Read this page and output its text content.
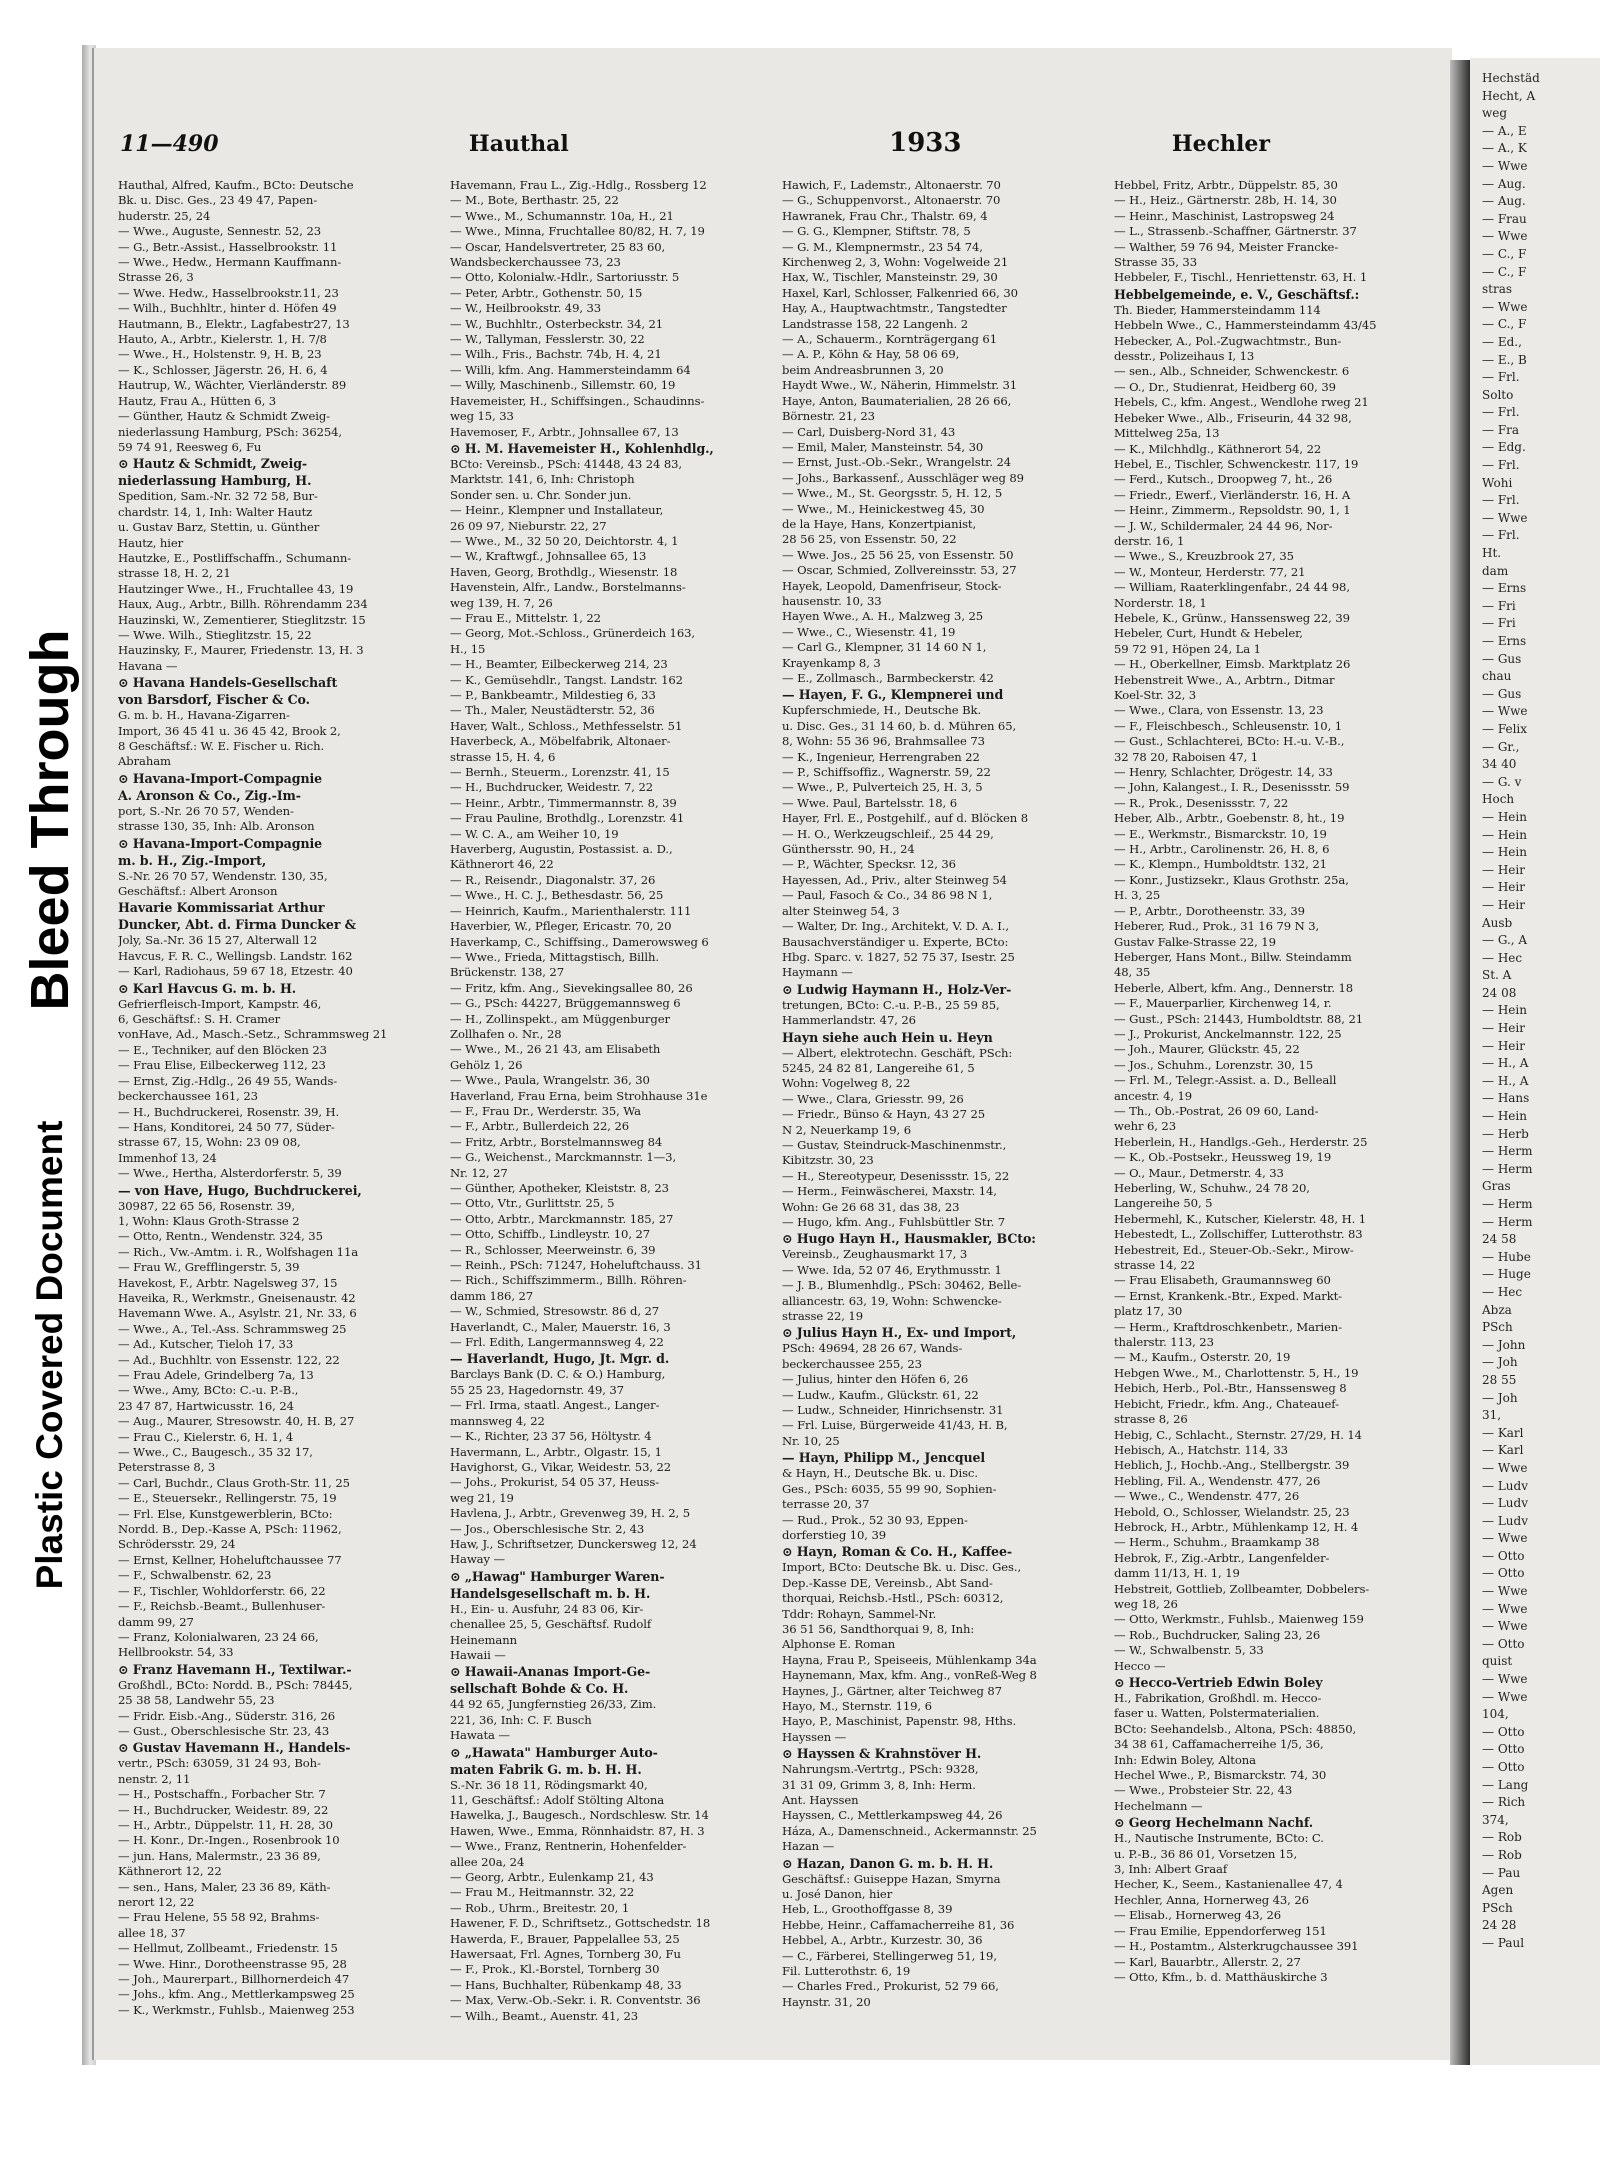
Bleed Through
Plastic Covered Document
11—490	Hauthal	1933	Hechler
Hauthal, Alfred, Kaufm., BCto: Deutsche
Bk. u. Disc. Ges., 23 49 47, Papen-
huderstr. 25, 24
— Wwe., Auguste, Sennestr. 52, 23
— G., Betr.-Assist., Hasselbrookstr. 11
— Wwe., Hedw., Hermann Kauffmann-
Strasse 26, 3
— Wwe. Hedw., Hasselbrookstr.11, 23
— Wilh., Buchhltr., hinter d. Höfen 49
Hautmann, B., Elektr., Lagfabestr27, 13
Hauto, A., Arbtr., Kielerstr. 1, H. 7/8
— Wwe., H., Holstenstr. 9, H. B, 23
— K., Schlosser, Jägerstr. 26, H. 6, 4
Hautrup, W., Wächter, Vierländerstr. 89
Hautz, Frau A., Hütten 6, 3
— Günther, Hautz & Schmidt Zweig-
niederlassung Hamburg, PSch: 36254,
59 74 91, Reesweg 6, Fu
⊙ Hautz & Schmidt, Zweig-
niederlassung Hamburg, H.
Spedition, Sam.-Nr. 32 72 58, Bur-
chardstr. 14, 1, Inh: Walter Hautz
u. Gustav Barz, Stettin, u. Günther
Hautz, hier
Hautzke, E., Postliffschaffn., Schumann-
strasse 18, H. 2, 21
Hautzinger Wwe., H., Fruchtallee 43, 19
Haux, Aug., Arbtr., Billh. Röhrendamm 234
Hauzinski, W., Zementierer, Stieglitzstr. 15
— Wwe. Wilh., Stieglitzstr. 15, 22
Hauzinsky, F., Maurer, Friedenstr. 13, H. 3
Havana —
⊙ Havana Handels-Gesellschaft
von Barsdorf, Fischer & Co.
G. m. b. H., Havana-Zigarren-
Import, 36 45 41 u. 36 45 42, Brook 2,
8 Geschäftsf.: W. E. Fischer u. Rich.
Abraham
⊙ Havana-Import-Compagnie
A. Aronson & Co., Zig.-Im-
port, S.-Nr. 26 70 57, Wenden-
strasse 130, 35, Inh: Alb. Aronson
⊙ Havana-Import-Compagnie
m. b. H., Zig.-Import,
S.-Nr. 26 70 57, Wendenstr. 130, 35,
Geschäftsf.: Albert Aronson
Havarie Kommissariat Arthur
Duncker, Abt. d. Firma Duncker &
Joly, Sa.-Nr. 36 15 27, Alterwall 12
Havcus, F. R. C., Wellingsb. Landstr. 162
— Karl, Radiohaus, 59 67 18, Etzestr. 40
⊙ Karl Havcus G. m. b. H.
Gefrierfleisch-Import, Kampstr. 46,
6, Geschäftsf.: S. H. Cramer
vonHave, Ad., Masch.-Setz., Schrammsweg 21
— E., Techniker, auf den Blöcken 23
— Frau Elise, Eilbeckerweg 112, 23
— Ernst, Zig.-Hdlg., 26 49 55, Wands-
beckerchaussee 161, 23
— H., Buchdruckerei, Rosenstr. 39, H.
— Hans, Konditorei, 24 50 77, Süder-
strasse 67, 15, Wohn: 23 09 08,
Immenhof 13, 24
— Wwe., Hertha, Alsterdorferstr. 5, 39
— von Have, Hugo, Buchdruckerei,
30987, 22 65 56, Rosenstr. 39,
1, Wohn: Klaus Groth-Strasse 2
— Otto, Rentn., Wendenstr. 324, 35
— Rich., Vw.-Amtm. i. R., Wolfshagen 11a
— Frau W., Grefflingerstr. 5, 39
Havekost, F., Arbtr. Nagelsweg 37, 15
Haveika, R., Werkmstr., Gneisenaustr. 42
Havemann Wwe. A., Asylstr. 21, Nr. 33, 6
— Wwe., A., Tel.-Ass. Schrammsweg 25
— Ad., Kutscher, Tieloh 17, 33
— Ad., Buchhltr. von Essenstr. 122, 22
— Frau Adele, Grindelberg 7a, 13
— Wwe., Amy, BCto: C.-u. P.-B.,
23 47 87, Hartwicusstr. 16, 24
— Aug., Maurer, Stresowstr. 40, H. B, 27
— Frau C., Kielerstr. 6, H. 1, 4
— Wwe., C., Baugesch., 35 32 17,
Peterstrasse 8, 3
— Carl, Buchdr., Claus Groth-Str. 11, 25
— E., Steuersekr., Rellingerstr. 75, 19
— Frl. Else, Kunstgewerblerin, BCto:
Nordd. B., Dep.-Kasse A, PSch: 11962,
Schrödersstr. 29, 24
— Ernst, Kellner, Hoheluftchaussee 77
— F., Schwalbenstr. 62, 23
— F., Tischler, Wohldorferstr. 66, 22
— F., Reichsb.-Beamt., Bullenhuser-
damm 99, 27
— Franz, Kolonialwaren, 23 24 66,
Hellbrookstr. 54, 33
⊙ Franz Havemann H., Textilwar.-
Großhdl., BCto: Nordd. B., PSch: 78445,
25 38 58, Landwehr 55, 23
— Fridr. Eisb.-Ang., Süderstr. 316, 26
— Gust., Oberschlesische Str. 23, 43
⊙ Gustav Havemann H., Handels-
vertr., PSch: 63059, 31 24 93, Boh-
nenstr. 2, 11
— H., Postschaffn., Forbacher Str. 7
— H., Buchdrucker, Weidestr. 89, 22
— H., Arbtr., Düppelstr. 11, H. 28, 30
— H. Konr., Dr.-Ingen., Rosenbrook 10
— jun. Hans, Malermstr., 23 36 89,
Käthnerort 12, 22
— sen., Hans, Maler, 23 36 89, Käth-
nerort 12, 22
— Frau Helene, 55 58 92, Brahms-
allee 18, 37
— Hellmut, Zollbeamt., Friedenstr. 15
— Wwe. Hinr., Dorotheenstrasse 95, 28
— Joh., Maurerpart., Billhornerdeich 47
— Johs., kfm. Ang., Mettlerkampsweg 25
— K., Werkmstr., Fuhlsb., Maienweg 253
Havemann, Frau L., Zig.-Hdlg., Rossberg 12
— M., Bote, Berthastr. 25, 22
— Wwe., M., Schumannstr. 10a, H., 21
— Wwe., Minna, Fruchtallee 80/82, H. 7, 19
— Oscar, Handelsvertreter, 25 83 60,
Wandsbeckerchaussee 73, 23
— Otto, Kolonialw.-Hdlr., Sartoriusstr. 5
— Peter, Arbtr., Gothenstr. 50, 15
— W., Heilbrookstr. 49, 33
— W., Buchhltr., Osterbeckstr. 34, 21
— W., Tallyman, Fesslerstr. 30, 22
— Wilh., Fris., Bachstr. 74b, H. 4, 21
— Willi, kfm. Ang. Hammersteindamm 64
— Willy, Maschinenb., Sillemstr. 60, 19
Havemeister, H., Schiffsingen., Schaudinns-
weg 15, 33
Havemoser, F., Arbtr., Johnsallee 67, 13
⊙ H. M. Havemeister H., Kohlenhdlg.,
BCto: Vereinsb., PSch: 41448, 43 24 83,
Marktstr. 141, 6, Inh: Christoph
Sonder sen. u. Chr. Sonder jun.
— Heinr., Klempner und Installateur,
26 09 97, Nieburstr. 22, 27
— Wwe., M., 32 50 20, Deichtorstr. 4, 1
— W., Kraftwgf., Johnsallee 65, 13
Haven, Georg, Brothdlg., Wiesenstr. 18
Havenstein, Alfr., Landw., Borstelmanns-
weg 139, H. 7, 26
— Frau E., Mittelstr. 1, 22
— Georg, Mot.-Schloss., Grünerdeich 163,
H., 15
— H., Beamter, Eilbeckerweg 214, 23
— K., Gemüsehdlr., Tangst. Landstr. 162
— P., Bankbeamtr., Mildestieg 6, 33
— Th., Maler, Neustädterstr. 52, 36
Haver, Walt., Schloss., Methfesselstr. 51
Haverbeck, A., Möbelfabrik, Altonaer-
strasse 15, H. 4, 6
— Bernh., Steuerm., Lorenzstr. 41, 15
— H., Buchdrucker, Weidestr. 7, 22
— Heinr., Arbtr., Timmermannstr. 8, 39
— Frau Pauline, Brothdlg., Lorenzstr. 41
— W. C. A., am Weiher 10, 19
Haverberg, Augustin, Postassist. a. D.,
Käthnerort 46, 22
— R., Reisendr., Diagonalstr. 37, 26
— Wwe., H. C. J., Bethesdastr. 56, 25
— Heinrich, Kaufm., Marienthalerstr. 111
Haverbier, W., Pfleger, Ericastr. 70, 20
Haverkamp, C., Schiffsing., Damerowsweg 6
— Wwe., Frieda, Mittagstisch, Billh.
Brückenstr. 138, 27
— Fritz, kfm. Ang., Sievekingsallee 80, 26
— G., PSch: 44227, Brüggemannsweg 6
— H., Zollinspekt., am Müggenburger
Zollhafen o. Nr., 28
— Wwe., M., 26 21 43, am Elisabeth
Gehölz 1, 26
— Wwe., Paula, Wrangelstr. 36, 30
Haverland, Frau Erna, beim Strohhause 31e
— F., Frau Dr., Werderstr. 35, Wa
— F., Arbtr., Bullerdeich 22, 26
— Fritz, Arbtr., Borstelmannsweg 84
— G., Weichenst., Marckmannstr. 1—3,
Nr. 12, 27
— Günther, Apotheker, Kleiststr. 8, 23
— Otto, Vtr., Gurlittstr. 25, 5
— Otto, Arbtr., Marckmannstr. 185, 27
— Otto, Schiffb., Lindleystr. 10, 27
— R., Schlosser, Meerweinstr. 6, 39
— Reinh., PSch: 71247, Hoheluftchauss. 31
— Rich., Schiffszimmerm., Billh. Röhren-
damm 186, 27
— W., Schmied, Stresowstr. 86 d, 27
Haverlandt, C., Maler, Mauerstr. 16, 3
— Frl. Edith, Langermannsweg 4, 22
— Haverlandt, Hugo, Jt. Mgr. d.
Barclays Bank (D. C. & O.) Hamburg,
55 25 23, Hagedornstr. 49, 37
— Frl. Irma, staatl. Angest., Langer-
mannsweg 4, 22
— K., Richter, 23 37 56, Höltystr. 4
Havermann, L., Arbtr., Olgastr. 15, 1
Havighorst, G., Vikar, Weidestr. 53, 22
— Johs., Prokurist, 54 05 37, Heuss-
weg 21, 19
Havlena, J., Arbtr., Grevenweg 39, H. 2, 5
— Jos., Oberschlesische Str. 2, 43
Haw, J., Schriftsetzer, Dunckersweg 12, 24
Haway —
⊙ „Hawag" Hamburger Waren-
Handelsgesellschaft m. b. H.
H., Ein- u. Ausfuhr, 24 83 06, Kir-
chenallee 25, 5, Geschäftsf. Rudolf
Heinemann
Hawaii —
⊙ Hawaii-Ananas Import-Ge-
sellschaft Bohde & Co. H.
44 92 65, Jungfernstieg 26/33, Zim.
221, 36, Inh: C. F. Busch
Hawata —
⊙ „Hawata" Hamburger Auto-
maten Fabrik G. m. b. H. H.
S.-Nr. 36 18 11, Rödingsmarkt 40,
11, Geschäftsf.: Adolf Stölting Altona
Hawelka, J., Baugesch., Nordschlesw. Str. 14
Hawen, Wwe., Emma, Rönnhaidstr. 87, H. 3
— Wwe., Franz, Rentnerin, Hohenfelder-
allee 20a, 24
— Georg, Arbtr., Eulenkamp 21, 43
— Frau M., Heitmannstr. 32, 22
— Rob., Uhrm., Breitestr. 20, 1
Hawener, F. D., Schriftsetz., Gottschedstr. 18
Hawerda, F., Brauer, Pappelallee 53, 25
Hawersaat, Frl. Agnes, Tornberg 30, Fu
— F., Prok., Kl.-Borstel, Tornberg 30
— Hans, Buchhalter, Rübenkamp 48, 33
— Max, Verw.-Ob.-Sekr. i. R. Conventstr. 36
— Wilh., Beamt., Auenstr. 41, 23
Hawich, F., Lademstr., Altonaerstr. 70
— G., Schuppenvorst., Altonaerstr. 70
Hawranek, Frau Chr., Thalstr. 69, 4
— G. G., Klempner, Stiftstr. 78, 5
— G. M., Klempnermstr., 23 54 74,
Kirchenweg 2, 3, Wohn: Vogelweide 21
Hax, W., Tischler, Mansteinstr. 29, 30
Haxel, Karl, Schlosser, Falkenried 66, 30
Hay, A., Hauptwachtmstr., Tangstedter
Landstrasse 158, 22 Langenh. 2
— A., Schauerm., Kornträgergang 61
— A. P., Köhn & Hay, 58 06 69,
beim Andreasbrunnen 3, 20
Haydt Wwe., W., Näherin, Himmelstr. 31
Haye, Anton, Baumaterialien, 28 26 66,
Börnestr. 21, 23
— Carl, Duisberg-Nord 31, 43
— Emil, Maler, Mansteinstr. 54, 30
— Ernst, Just.-Ob.-Sekr., Wrangelstr. 24
— Johs., Barkassenf., Ausschläger weg 89
— Wwe., M., St. Georgsstr. 5, H. 12, 5
— Wwe., M., Heinickestweg 45, 30
de la Haye, Hans, Konzertpianist,
28 56 25, von Essenstr. 50, 22
— Wwe. Jos., 25 56 25, von Essenstr. 50
— Oscar, Schmied, Zollvereinsstr. 53, 27
Hayek, Leopold, Damenfriseur, Stock-
hausenstr. 10, 33
Hayen Wwe., A. H., Malzweg 3, 25
— Wwe., C., Wiesenstr. 41, 19
— Carl G., Klempner, 31 14 60 N 1,
Krayenkamp 8, 3
— E., Zollmasch., Barmbeckerstr. 42
— Hayen, F. G., Klempnerei und
Kupferschmiede, H., Deutsche Bk.
u. Disc. Ges., 31 14 60, b. d. Mühren 65,
8, Wohn: 55 36 96, Brahmsallee 73
— K., Ingenieur, Herrengraben 22
— P., Schiffsoffiz., Wagnerstr. 59, 22
— Wwe., P., Pulverteich 25, H. 3, 5
— Wwe. Paul, Bartelsstr. 18, 6
Hayer, Frl. E., Postgehilf., auf d. Blöcken 8
— H. O., Werkzeugschleif., 25 44 29,
Günthersstr. 90, H., 24
— P., Wächter, Specksr. 12, 36
Hayessen, Ad., Priv., alter Steinweg 54
— Paul, Fasoch & Co., 34 86 98 N 1,
alter Steinweg 54, 3
— Walter, Dr. Ing., Architekt, V. D. A. I.,
Bausachverständiger u. Experte, BCto:
Hbg. Sparc. v. 1827, 52 75 37, Isestr. 25
Haymann —
⊙ Ludwig Haymann H., Holz-Ver-
tretungen, BCto: C.-u. P.-B., 25 59 85,
Hammerlandstr. 47, 26
Hayn siehe auch Hein u. Heyn
— Albert, elektrotechn. Geschäft, PSch:
5245, 24 82 81, Langereihe 61, 5
Wohn: Vogelweg 8, 22
— Wwe., Clara, Griesstr. 99, 26
— Friedr., Bünso & Hayn, 43 27 25
N 2, Neuerkamp 19, 6
— Gustav, Steindruck-Maschinenmstr.,
Kibitzstr. 30, 23
— H., Stereotypeur, Desenissstr. 15, 22
— Herm., Feinwäscherei, Maxstr. 14,
Wohn: Ge 26 68 31, das 38, 23
— Hugo, kfm. Ang., Fuhlsbüttler Str. 7
⊙ Hugo Hayn H., Hausmakler, BCto:
Vereinsb., Zeughausmarkt 17, 3
— Wwe. Ida, 52 07 46, Erythmusstr. 1
— J. B., Blumenhdlg., PSch: 30462, Belle-
alliancestr. 63, 19, Wohn: Schwencke-
strasse 22, 19
⊙ Julius Hayn H., Ex- und Import,
PSch: 49694, 28 26 67, Wands-
beckerchaussee 255, 23
— Julius, hinter den Höfen 6, 26
— Ludw., Kaufm., Glückstr. 61, 22
— Ludw., Schneider, Hinrichsenstr. 31
— Frl. Luise, Bürgerweide 41/43, H. B,
Nr. 10, 25
— Hayn, Philipp M., Jencquel
& Hayn, H., Deutsche Bk. u. Disc.
Ges., PSch: 6035, 55 99 90, Sophien-
terrasse 20, 37
— Rud., Prok., 52 30 93, Eppen-
dorferstieg 10, 39
⊙ Hayn, Roman & Co. H., Kaffee-
Import, BCto: Deutsche Bk. u. Disc. Ges.,
Dep.-Kasse DE, Vereinsb., Abt Sand-
thorquai, Reichsb.-Hstl., PSch: 60312,
Tddr: Rohayn, Sammel-Nr.
36 51 56, Sandthorquai 9, 8, Inh:
Alphonse E. Roman
Hayna, Frau P., Speiseeis, Mühlenkamp 34a
Haynemann, Max, kfm. Ang., vonReß-Weg 8
Haynes, J., Gärtner, alter Teichweg 87
Hayo, M., Sternstr. 119, 6
Hayo, P., Maschinist, Papenstr. 98, Hths.
Hayssen —
⊙ Hayssen & Krahnstöver H.
Nahrungsm.-Vertrtg., PSch: 9328,
31 31 09, Grimm 3, 8, Inh: Herm.
Ant. Hayssen
Hayssen, C., Mettlerkampsweg 44, 26
Háza, A., Damenschneid., Ackermannstr. 25
Hazan —
⊙ Hazan, Danon G. m. b. H. H.
Geschäftsf.: Guiseppe Hazan, Smyrna
u. José Danon, hier
Heb, L., Groothoffgasse 8, 39
Hebbe, Heinr., Caffamacherreihe 81, 36
Hebbel, A., Arbtr., Kurzestr. 30, 36
— C., Färberei, Stellingerweg 51, 19,
Fil. Lutterothstr. 6, 19
— Charles Fred., Prokurist, 52 79 66,
Haynstr. 31, 20
Hebbel, Fritz, Arbtr., Düppelstr. 85, 30
— H., Heiz., Gärtnerstr. 28b, H. 14, 30
— Heinr., Maschinist, Lastropsweg 24
— L., Strassenb.-Schaffner, Gärtnerstr. 37
— Walther, 59 76 94, Meister Francke-
Strasse 35, 33
Hebbeler, F., Tischl., Henriettenstr. 63, H. 1
Hebbelgemeinde, e. V., Geschäftsf.:
Th. Bieder, Hammersteindamm 114
Hebbeln Wwe., C., Hammersteindamm 43/45
Hebecker, A., Pol.-Zugwachtmstr., Bun-
desstr., Polizeihaus I, 13
— sen., Alb., Schneider, Schwenckestr. 6
— O., Dr., Studienrat, Heidberg 60, 39
Hebels, C., kfm. Angest., Wendlohe rweg 21
Hebeker Wwe., Alb., Friseurin, 44 32 98,
Mittelweg 25a, 13
— K., Milchhdlg., Käthnerort 54, 22
Hebel, E., Tischler, Schwenckestr. 117, 19
— Ferd., Kutsch., Droopweg 7, ht., 26
— Friedr., Ewerf., Vierländerstr. 16, H. A
— Heinr., Zimmerm., Repsoldstr. 90, 1, 1
— J. W., Schildermaler, 24 44 96, Nor-
derstr. 16, 1
— Wwe., S., Kreuzbrook 27, 35
— W., Monteur, Herderstr. 77, 21
— William, Raaterklingenfabr., 24 44 98,
Norderstr. 18, 1
Hebele, K., Grünw., Hanssensweg 22, 39
Hebeler, Curt, Hundt & Hebeler,
59 72 91, Höpen 24, La 1
— H., Oberkellner, Eimsb. Marktplatz 26
Hebenstreit Wwe., A., Arbtrn., Ditmar
Koel-Str. 32, 3
— Wwe., Clara, von Essenstr. 13, 23
— F., Fleischbesch., Schleusenstr. 10, 1
— Gust., Schlachterei, BCto: H.-u. V.-B.,
32 78 20, Raboisen 47, 1
— Henry, Schlachter, Drögestr. 14, 33
— John, Kalangest., I. R., Desenissstr. 59
— R., Prok., Desenissstr. 7, 22
Heber, Alb., Arbtr., Goebenstr. 8, ht., 19
— E., Werkmstr., Bismarckstr. 10, 19
— H., Arbtr., Carolinenstr. 26, H. 8, 6
— K., Klempn., Humboldtstr. 132, 21
— Konr., Justizsekr., Klaus Grothstr. 25a,
H. 3, 25
— P., Arbtr., Dorotheenstr. 33, 39
Heberer, Rud., Prok., 31 16 79 N 3,
Gustav Falke-Strasse 22, 19
Heberger, Hans Mont., Billw. Steindamm
48, 35
Heberle, Albert, kfm. Ang., Dennerstr. 18
— F., Mauerparlier, Kirchenweg 14, r.
— Gust., PSch: 21443, Humboldtstr. 88, 21
— J., Prokurist, Anckelmannstr. 122, 25
— Joh., Maurer, Glückstr. 45, 22
— Jos., Schuhm., Lorenzstr. 30, 15
— Frl. M., Telegr.-Assist. a. D., Belleall
ancestr. 4, 19
— Th., Ob.-Postrat, 26 09 60, Land-
wehr 6, 23
Heberlein, H., Handlgs.-Geh., Herderstr. 25
— K., Ob.-Postsekr., Heussweg 19, 19
— O., Maur., Detmerstr. 4, 33
Heberling, W., Schuhw., 24 78 20,
Langereihe 50, 5
Hebermehl, K., Kutscher, Kielerstr. 48, H. 1
Hebestedt, L., Zollschiffer, Lutterothstr. 83
Hebestreit, Ed., Steuer-Ob.-Sekr., Mirow-
strasse 14, 22
— Frau Elisabeth, Graumannsweg 60
— Ernst, Krankenk.-Btr., Exped. Markt-
platz 17, 30
— Herm., Kraftdroschkenbetr., Marien-
thalerstr. 113, 23
— M., Kaufm., Osterstr. 20, 19
Hebgen Wwe., M., Charlottenstr. 5, H., 19
Hebich, Herb., Pol.-Btr., Hanssensweg 8
Hebicht, Friedr., kfm. Ang., Chateauef-
strasse 8, 26
Hebig, C., Schlacht., Sternstr. 27/29, H. 14
Hebisch, A., Hatchstr. 114, 33
Heblich, J., Hochb.-Ang., Stellbergstr. 39
Hebling, Fil. A., Wendenstr. 477, 26
— Wwe., C., Wendenstr. 477, 26
Hebold, O., Schlosser, Wielandstr. 25, 23
Hebrock, H., Arbtr., Mühlenkamp 12, H. 4
— Herm., Schuhm., Braamkamp 38
Hebrok, F., Zig.-Arbtr., Langenfelder-
damm 11/13, H. 1, 19
Hebstreit, Gottlieb, Zollbeamter, Dobbelers-
weg 18, 26
— Otto, Werkmstr., Fuhlsb., Maienweg 159
— Rob., Buchdrucker, Saling 23, 26
— W., Schwalbenstr. 5, 33
Hecco —
⊙ Hecco-Vertrieb Edwin Boley
H., Fabrikation, Großhdl. m. Hecco-
faser u. Watten, Polstermaterialien.
BCto: Seehandelsb., Altona, PSch: 48850,
34 38 61, Caffamacherreihe 1/5, 36,
Inh: Edwin Boley, Altona
Hechel Wwe., P., Bismarckstr. 74, 30
— Wwe., Probsteier Str. 22, 43
Hechelmann —
⊙ Georg Hechelmann Nachf.
H., Nautische Instrumente, BCto: C.
u. P.-B., 36 86 01, Vorsetzen 15,
3, Inh: Albert Graaf
Hecher, K., Seem., Kastanienallee 47, 4
Hechler, Anna, Hornerweg 43, 26
— Elisab., Hornerweg 43, 26
— Frau Emilie, Eppendorferweg 151
— H., Postamtm., Alsterkrugchaussee 391
— Karl, Bauarbtr., Allerstr. 2, 27
— Otto, Kfm., b. d. Matthäuskirche 3
Hechstäd
Hecht, A
weg
— A., E
— A., K
— Wwe
— Aug.
— Aug.
— Frau
— Wwe
— C., F
— C., F
stras
— Wwe
— C., F
— Ed.,
— E., B
— Frl.
Solto
— Frl.
— Fra
— Edg.
— Frl.
Wohi
— Frl.
— Wwe
— Frl.
Ht.
dam
— Erns
— Fri
— Fri
— Erns
— Gus
chau
— Gus
— Wwe
— Felix
— Gr.,
34 40
— G. v
Hoch
— Hein
— Hein
— Hein
— Heir
— Heir
— Heir
Ausb
— G., A
— Hec
St. A
24 08
— Hein
— Heir
— Heir
— H., A
— H., A
— Hans
— Hein
— Herb
— Herm
— Herm
Gras
— Herm
— Herm
24 58
— Hube
— Huge
— Hec
Abza
PSch
— John
— Joh
28 55
— Joh
31,
— Karl
— Karl
— Wwe
— Ludv
— Ludv
— Ludv
— Wwe
— Otto
— Otto
— Wwe
— Wwe
— Wwe
— Otto
quist
— Wwe
— Wwe
104,
— Otto
— Otto
— Otto
— Lang
— Rich
374,
— Rob
— Rob
— Pau
Agen
PSch
24 28
— Paul
